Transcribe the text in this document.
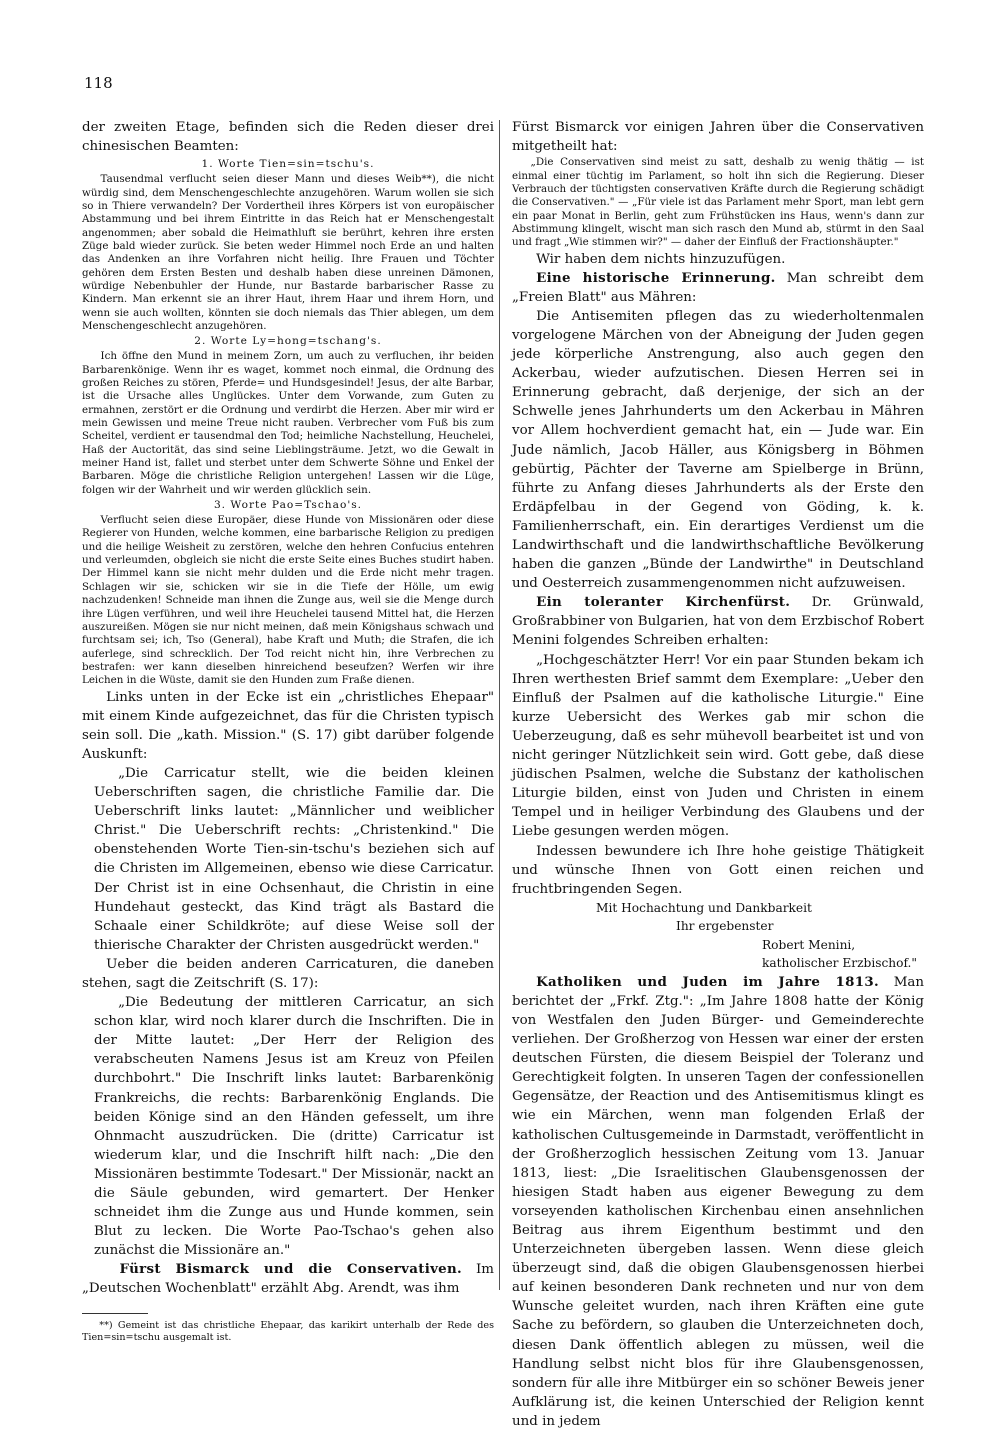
118

der zweiten Etage, befinden sich die Reden dieser drei chinesischen Beamten:

1. Worte Tien=sin=tschu's.

Tausendmal verflucht seien dieser Mann und dieses Weib**), die nicht würdig sind, dem Menschengeschlechte anzugehören. Warum wollen sie sich so in Thiere verwandeln? Der Vordertheil ihres Körpers ist von europäischer Abstammung und bei ihrem Eintritte in das Reich hat er Menschengestalt angenommen; aber sobald die Heimathluft sie berührt, kehren ihre ersten Züge bald wieder zurück. Sie beten weder Himmel noch Erde an und halten das Andenken an ihre Vorfahren nicht heilig. Ihre Frauen und Töchter gehören dem Ersten Besten und deshalb haben diese unreinen Dämonen, würdige Nebenbuhler der Hunde, nur Bastarde barbarischer Rasse zu Kindern. Man erkennt sie an ihrer Haut, ihrem Haar und ihrem Horn, und wenn sie auch wollten, könnten sie doch niemals das Thier ablegen, um dem Menschengeschlecht anzugehören.

2. Worte Ly=hong=tschang's.

Ich öffne den Mund in meinem Zorn, um auch zu verfluchen, ihr beiden Barbarenkönige. Wenn ihr es waget, kommet noch einmal, die Ordnung des großen Reiches zu stören, Pferde= und Hundsgesindel! Jesus, der alte Barbar, ist die Ursache alles Unglückes. Unter dem Vorwande, zum Guten zu ermahnen, zerstört er die Ordnung und verdirbt die Herzen. Aber mir wird er mein Gewissen und meine Treue nicht rauben. Verbrecher vom Fuß bis zum Scheitel, verdient er tausendmal den Tod; heimliche Nachstellung, Heuchelei, Haß der Auctorität, das sind seine Lieblingsträume. Jetzt, wo die Gewalt in meiner Hand ist, fallet und sterbet unter dem Schwerte Söhne und Enkel der Barbaren. Möge die christliche Religion untergehen! Lassen wir die Lüge, folgen wir der Wahrheit und wir werden glücklich sein.

3. Worte Pao=Tschao's.

Verflucht seien diese Europäer, diese Hunde von Missionären oder diese Regierer von Hunden, welche kommen, eine barbarische Religion zu predigen und die heilige Weisheit zu zerstören, welche den hehren Confucius entehren und verleumden, obgleich sie nicht die erste Seite eines Buches studirt haben. Der Himmel kann sie nicht mehr dulden und die Erde nicht mehr tragen. Schlagen wir sie, schicken wir sie in die Tiefe der Hölle, um ewig nachzudenken! Schneide man ihnen die Zunge aus, weil sie die Menge durch ihre Lügen verführen, und weil ihre Heuchelei tausend Mittel hat, die Herzen auszureißen. Mögen sie nur nicht meinen, daß mein Königshaus schwach und furchtsam sei; ich, Tso (General), habe Kraft und Muth; die Strafen, die ich auferlege, sind schrecklich. Der Tod reicht nicht hin, ihre Verbrechen zu bestrafen: wer kann dieselben hinreichend beseufzen? Werfen wir ihre Leichen in die Wüste, damit sie den Hunden zum Fraße dienen.

Links unten in der Ecke ist ein „christliches Ehepaar" mit einem Kinde aufgezeichnet, das für die Christen typisch sein soll. Die „kath. Mission." (S. 17) gibt darüber folgende Auskunft:

„Die Carricatur stellt, wie die beiden kleinen Ueberschriften sagen, die christliche Familie dar. Die Ueberschrift links lautet: „Männlicher und weiblicher Christ." Die Ueberschrift rechts: „Christenkind." Die obenstehenden Worte Tien-sin-tschu's beziehen sich auf die Christen im Allgemeinen, ebenso wie diese Carricatur. Der Christ ist in eine Ochsenhaut, die Christin in eine Hundehaut gesteckt, das Kind trägt als Bastard die Schaale einer Schildkröte; auf diese Weise soll der thierische Charakter der Christen ausgedrückt werden."

Ueber die beiden anderen Carricaturen, die daneben stehen, sagt die Zeitschrift (S. 17):

„Die Bedeutung der mittleren Carricatur, an sich schon klar, wird noch klarer durch die Inschriften. Die in der Mitte lautet: „Der Herr der Religion des verabscheuten Namens Jesus ist am Kreuz von Pfeilen durchbohrt." Die Inschrift links lautet: Barbarenkönig Frankreichs, die rechts: Barbarenkönig Englands. Die beiden Könige sind an den Händen gefesselt, um ihre Ohnmacht auszudrücken. Die (dritte) Carricatur ist wiederum klar, und die Inschrift hilft nach: „Die den Missionären bestimmte Todesart." Der Missionär, nackt an die Säule gebunden, wird gemartert. Der Henker schneidet ihm die Zunge aus und Hunde kommen, sein Blut zu lecken. Die Worte Pao-Tschao's gehen also zunächst die Missionäre an."

Fürst Bismarck und die Conservativen. Im „Deutschen Wochenblatt" erzählt Abg. Arendt, was ihm

**) Gemeint ist das christliche Ehepaar, das karikirt unterhalb der Rede des Tien=sin=tschu ausgemalt ist.

Fürst Bismarck vor einigen Jahren über die Conservativen mitgetheilt hat:

„Die Conservativen sind meist zu satt, deshalb zu wenig thätig — ist einmal einer tüchtig im Parlament, so holt ihn sich die Regierung. Dieser Verbrauch der tüchtigsten conservativen Kräfte durch die Regierung schädigt die Conservativen." — „Für viele ist das Parlament mehr Sport, man lebt gern ein paar Monat in Berlin, geht zum Frühstücken ins Haus, wenn's dann zur Abstimmung klingelt, wischt man sich rasch den Mund ab, stürmt in den Saal und fragt „Wie stimmen wir?" — daher der Einfluß der Fractionshäupter."

Wir haben dem nichts hinzuzufügen.

Eine historische Erinnerung. Man schreibt dem „Freien Blatt" aus Mähren:

Die Antisemiten pflegen das zu wiederholtenmalen vorgelogene Märchen von der Abneigung der Juden gegen jede körperliche Anstrengung, also auch gegen den Ackerbau, wieder aufzutischen. Diesen Herren sei in Erinnerung gebracht, daß derjenige, der sich an der Schwelle jenes Jahrhunderts um den Ackerbau in Mähren vor Allem hochverdient gemacht hat, ein — Jude war. Ein Jude nämlich, Jacob Häller, aus Königsberg in Böhmen gebürtig, Pächter der Taverne am Spielberge in Brünn, führte zu Anfang dieses Jahrhunderts als der Erste den Erdäpfelbau in der Gegend von Göding, k. k. Familienherrschaft, ein. Ein derartiges Verdienst um die Landwirthschaft und die landwirthschaftliche Bevölkerung haben die ganzen „Bünde der Landwirthe" in Deutschland und Oesterreich zusammengenommen nicht aufzuweisen.

Ein toleranter Kirchenfürst. Dr. Grünwald, Großrabbiner von Bulgarien, hat von dem Erzbischof Robert Menini folgendes Schreiben erhalten:

„Hochgeschätzter Herr! Vor ein paar Stunden bekam ich Ihren werthesten Brief sammt dem Exemplare: „Ueber den Einfluß der Psalmen auf die katholische Liturgie." Eine kurze Uebersicht des Werkes gab mir schon die Ueberzeugung, daß es sehr mühevoll bearbeitet ist und von nicht geringer Nützlichkeit sein wird. Gott gebe, daß diese jüdischen Psalmen, welche die Substanz der katholischen Liturgie bilden, einst von Juden und Christen in einem Tempel und in heiliger Verbindung des Glaubens und der Liebe gesungen werden mögen.

Indessen bewundere ich Ihre hohe geistige Thätigkeit und wünsche Ihnen von Gott einen reichen und fruchtbringenden Segen.

Mit Hochachtung und Dankbarkeit
Ihr ergebenster
Robert Menini,
katholischer Erzbischof."

Katholiken und Juden im Jahre 1813. Man berichtet der „Frkf. Ztg.": „Im Jahre 1808 hatte der König von Westfalen den Juden Bürger- und Gemeinderechte verliehen. Der Großherzog von Hessen war einer der ersten deutschen Fürsten, die diesem Beispiel der Toleranz und Gerechtigkeit folgten. In unseren Tagen der confessionellen Gegensätze, der Reaction und des Antisemitismus klingt es wie ein Märchen, wenn man folgenden Erlaß der katholischen Cultusgemeinde in Darmstadt, veröffentlicht in der Großherzoglich hessischen Zeitung vom 13. Januar 1813, liest: „Die Israelitischen Glaubensgenossen der hiesigen Stadt haben aus eigener Bewegung zu dem vorseyenden katholischen Kirchenbau einen ansehnlichen Beitrag aus ihrem Eigenthum bestimmt und den Unterzeichneten übergeben lassen. Wenn diese gleich überzeugt sind, daß die obigen Glaubensgenossen hierbei auf keinen besonderen Dank rechneten und nur von dem Wunsche geleitet wurden, nach ihren Kräften eine gute Sache zu befördern, so glauben die Unterzeichneten doch, diesen Dank öffentlich ablegen zu müssen, weil die Handlung selbst nicht blos für ihre Glaubensgenossen, sondern für alle ihre Mitbürger ein so schöner Beweis jener Aufklärung ist, die keinen Unterschied der Religion kennt und in jedem
